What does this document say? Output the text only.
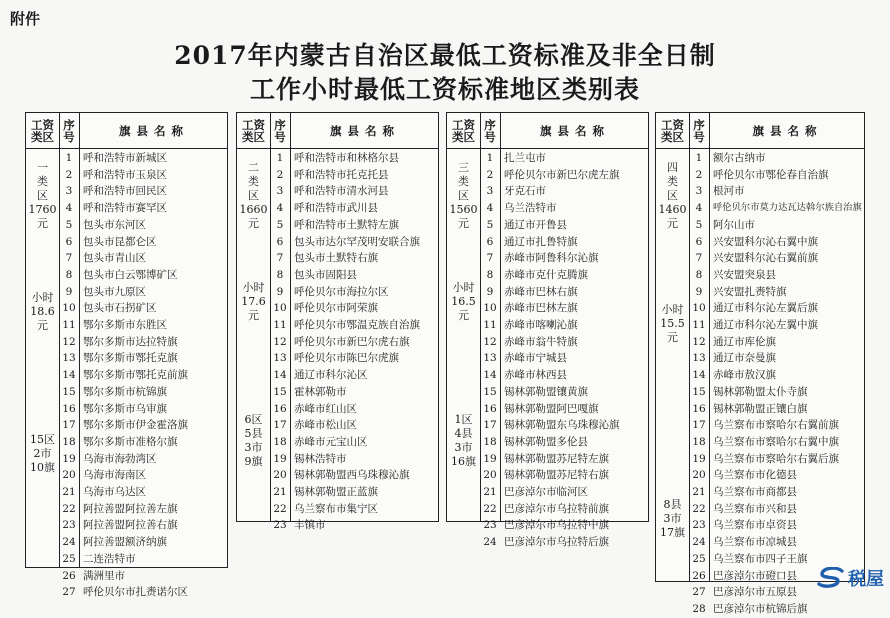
附件
2017年内蒙古自治区最低工资标准及非全日制
工作小时最低工资标准地区类别表
工资类区
序号	旗县名称
一
类
区
1760
元
小时
18.6
元
15区
2市
10旗
1	呼和浩特市新城区
2	呼和浩特市玉泉区
3	呼和浩特市回民区
4	呼和浩特市赛罕区
5	包头市东河区
6	包头市昆都仑区
7	包头市青山区
8	包头市白云鄂博矿区
9	包头市九原区
10 包头市石拐矿区
11 鄂尔多斯市东胜区
12 鄂尔多斯市达拉特旗
13 鄂尔多斯市鄂托克旗
14 鄂尔多斯市鄂托克前旗
15 鄂尔多斯市杭锦旗
16 鄂尔多斯市乌审旗
17 鄂尔多斯市伊金霍洛旗
18 鄂尔多斯市准格尔旗
19 乌海市海勃湾区
20 乌海市海南区
21 乌海市乌达区
22 阿拉善盟阿拉善左旗
23 阿拉善盟阿拉善右旗
24 阿拉善盟额济纳旗
25 二连浩特市
26 满洲里市
27 呼伦贝尔市扎赉诺尔区
工资类区
序号	旗县名称
二
类
区
1660
元
小时
17.6
元
6区
5县
3市
9旗
1	呼和浩特市和林格尔县
2	呼和浩特市托克托县
3	呼和浩特市清水河县
4	呼和浩特市武川县
5	呼和浩特市土默特左旗
6	包头市达尔罕茂明安联合旗
7	包头市土默特右旗
8	包头市固阳县
9	呼伦贝尔市海拉尔区
10 呼伦贝尔市阿荣旗
11 呼伦贝尔市鄂温克族自治旗
12 呼伦贝尔市新巴尔虎右旗
13 呼伦贝尔市陈巴尔虎旗
14 通辽市科尔沁区
15 霍林郭勒市
16 赤峰市红山区
17 赤峰市松山区
18 赤峰市元宝山区
19 锡林浩特市
20 锡林郭勒盟西乌珠穆沁旗
21 锡林郭勒盟正蓝旗
22 乌兰察布市集宁区
23 丰镇市
工资类区
序号	旗县名称
三
类
区
1560
元
小时
16.5
元
1区
4县
3市
16旗
1	扎兰屯市
2	呼伦贝尔市新巴尔虎左旗
3	牙克石市
4	乌兰浩特市
5	通辽市开鲁县
6	通辽市扎鲁特旗
7	赤峰市阿鲁科尔沁旗
8	赤峰市克什克腾旗
9	赤峰市巴林右旗
10 赤峰市巴林左旗
11 赤峰市喀喇沁旗
12 赤峰市翁牛特旗
13 赤峰市宁城县
14 赤峰市林西县
15 锡林郭勒盟镶黄旗
16 锡林郭勒盟阿巴嘎旗
17 锡林郭勒盟东乌珠穆沁旗
18 锡林郭勒盟多伦县
19 锡林郭勒盟苏尼特左旗
20 锡林郭勒盟苏尼特右旗
21 巴彦淖尔市临河区
22 巴彦淖尔市乌拉特前旗
23 巴彦淖尔市乌拉特中旗
24 巴彦淖尔市乌拉特后旗
工资类区
序号	旗县名称
四
类
区
1460
元
小时
15.5
元
8县
3市
17旗
1	额尔古纳市
2	呼伦贝尔市鄂伦春自治旗
3	根河市
4	呼伦贝尔市莫力达瓦达斡尔族自治旗
5	阿尔山市
6	兴安盟科尔沁右翼中旗
7	兴安盟科尔沁右翼前旗
8	兴安盟突泉县
9	兴安盟扎赉特旗
10 通辽市科尔沁左翼后旗
11 通辽市科尔沁左翼中旗
12 通辽市库伦旗
13 通辽市奈曼旗
14 赤峰市敖汉旗
15 锡林郭勒盟太仆寺旗
16 锡林郭勒盟正镶白旗
17 乌兰察布市察哈尔右翼前旗
18 乌兰察布市察哈尔右翼中旗
19 乌兰察布市察哈尔右翼后旗
20 乌兰察布市化德县
21 乌兰察布市商都县
22 乌兰察布市兴和县
23 乌兰察布市卓资县
24 乌兰察布市凉城县
25 乌兰察布市四子王旗
26 巴彦淖尔市磴口县
27 巴彦淖尔市五原县
28 巴彦淖尔市杭锦后旗
税屋
